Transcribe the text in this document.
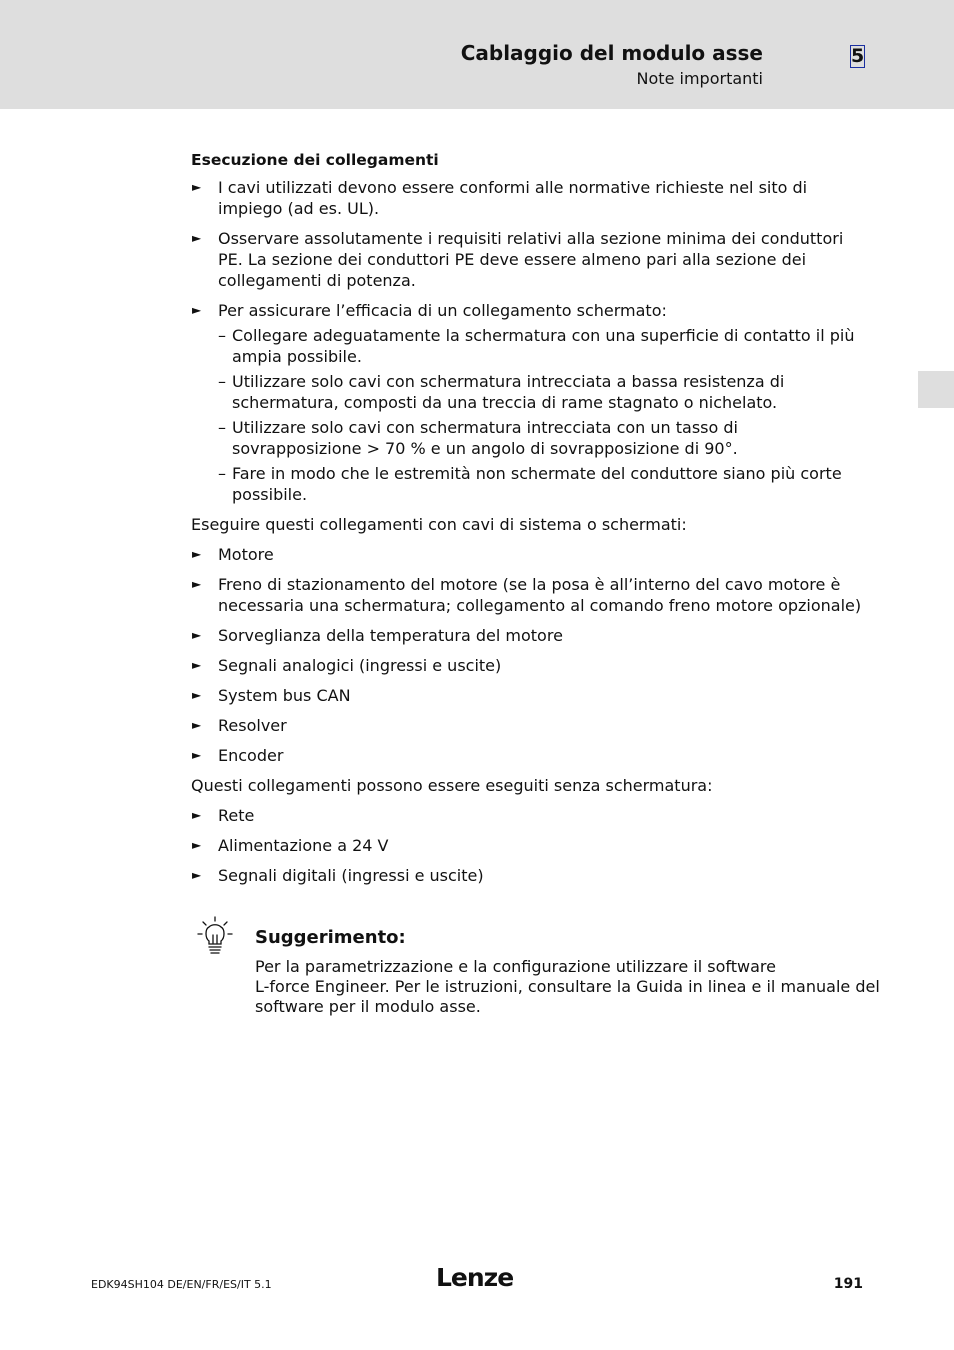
Cablaggio del modulo asse
Note importanti
5
Esecuzione dei collegamenti
► I cavi utilizzati devono essere conformi alle normative richieste nel sito di impiego (ad es. UL).
► Osservare assolutamente i requisiti relativi alla sezione minima dei conduttori PE. La sezione dei conduttori PE deve essere almeno pari alla sezione dei collegamenti di potenza.
► Per assicurare l’efficacia di un collegamento schermato:
– Collegare adeguatamente la schermatura con una superficie di contatto il più ampia possibile.
– Utilizzare solo cavi con schermatura intrecciata a bassa resistenza di schermatura, composti da una treccia di rame stagnato o nichelato.
– Utilizzare solo cavi con schermatura intrecciata con un tasso di sovrapposizione > 70 % e un angolo di sovrapposizione di 90°.
– Fare in modo che le estremità non schermate del conduttore siano più corte possibile.

Eseguire questi collegamenti con cavi di sistema o schermati:

► Motore
► Freno di stazionamento del motore (se la posa è all’interno del cavo motore è necessaria una schermatura; collegamento al comando freno motore opzionale)
► Sorveglianza della temperatura del motore
► Segnali analogici (ingressi e uscite)
► System bus CAN
► Resolver
► Encoder

Questi collegamenti possono essere eseguiti senza schermatura:

► Rete
► Alimentazione a 24 V
► Segnali digitali (ingressi e uscite)
Suggerimento:
Per la parametrizzazione e la configurazione utilizzare il software
L-force Engineer. Per le istruzioni, consultare la Guida in linea e il manuale del
software per il modulo asse.
EDK94SH104 DE/EN/FR/ES/IT 5.1	Lenze	191
